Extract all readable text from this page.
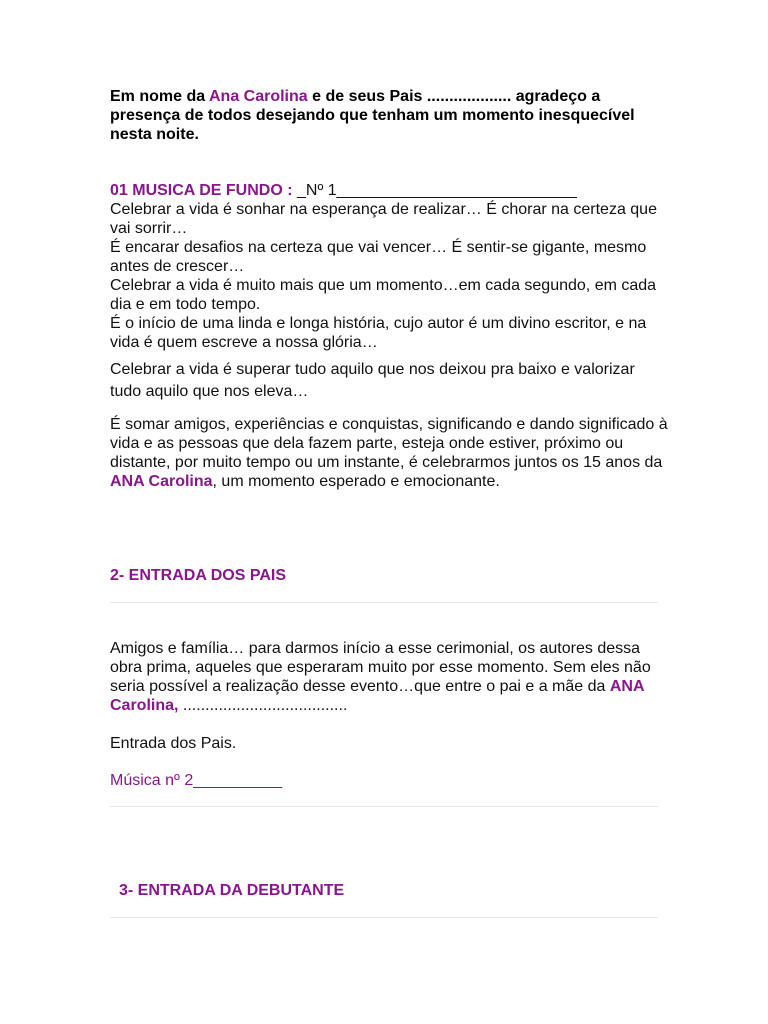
Em nome da Ana Carolina e de seus Pais ................... agradeço a presença de todos desejando que tenham um momento inesquecível nesta noite.

01 MUSICA DE FUNDO : _Nº 1___________________________

Celebrar a vida é sonhar na esperança de realizar… É chorar na certeza que vai sorrir…

É encarar desafios na certeza que vai vencer… É sentir-se gigante, mesmo antes de crescer…

Celebrar a vida é muito mais que um momento…em cada segundo, em cada dia e em todo tempo.

É o início de uma linda e longa história, cujo autor é um divino escritor, e na vida é quem escreve a nossa glória…

Celebrar a vida é superar tudo aquilo que nos deixou pra baixo e valorizar tudo aquilo que nos eleva…
É somar amigos, experiências e conquistas, significando e dando significado à vida e as pessoas que dela fazem parte, esteja onde estiver, próximo ou distante, por muito tempo ou um instante, é celebrarmos juntos os 15 anos da ANA Carolina, um momento esperado e emocionante.
2- ENTRADA DOS PAIS
Amigos e família… para darmos início a esse cerimonial, os autores dessa obra prima, aqueles que esperaram muito por esse momento. Sem eles não seria possível a realização desse evento…que entre o pai e a mãe da ANA Carolina, .....................................
Entrada dos Pais.
Música nº 2__________
3- ENTRADA DA DEBUTANTE
